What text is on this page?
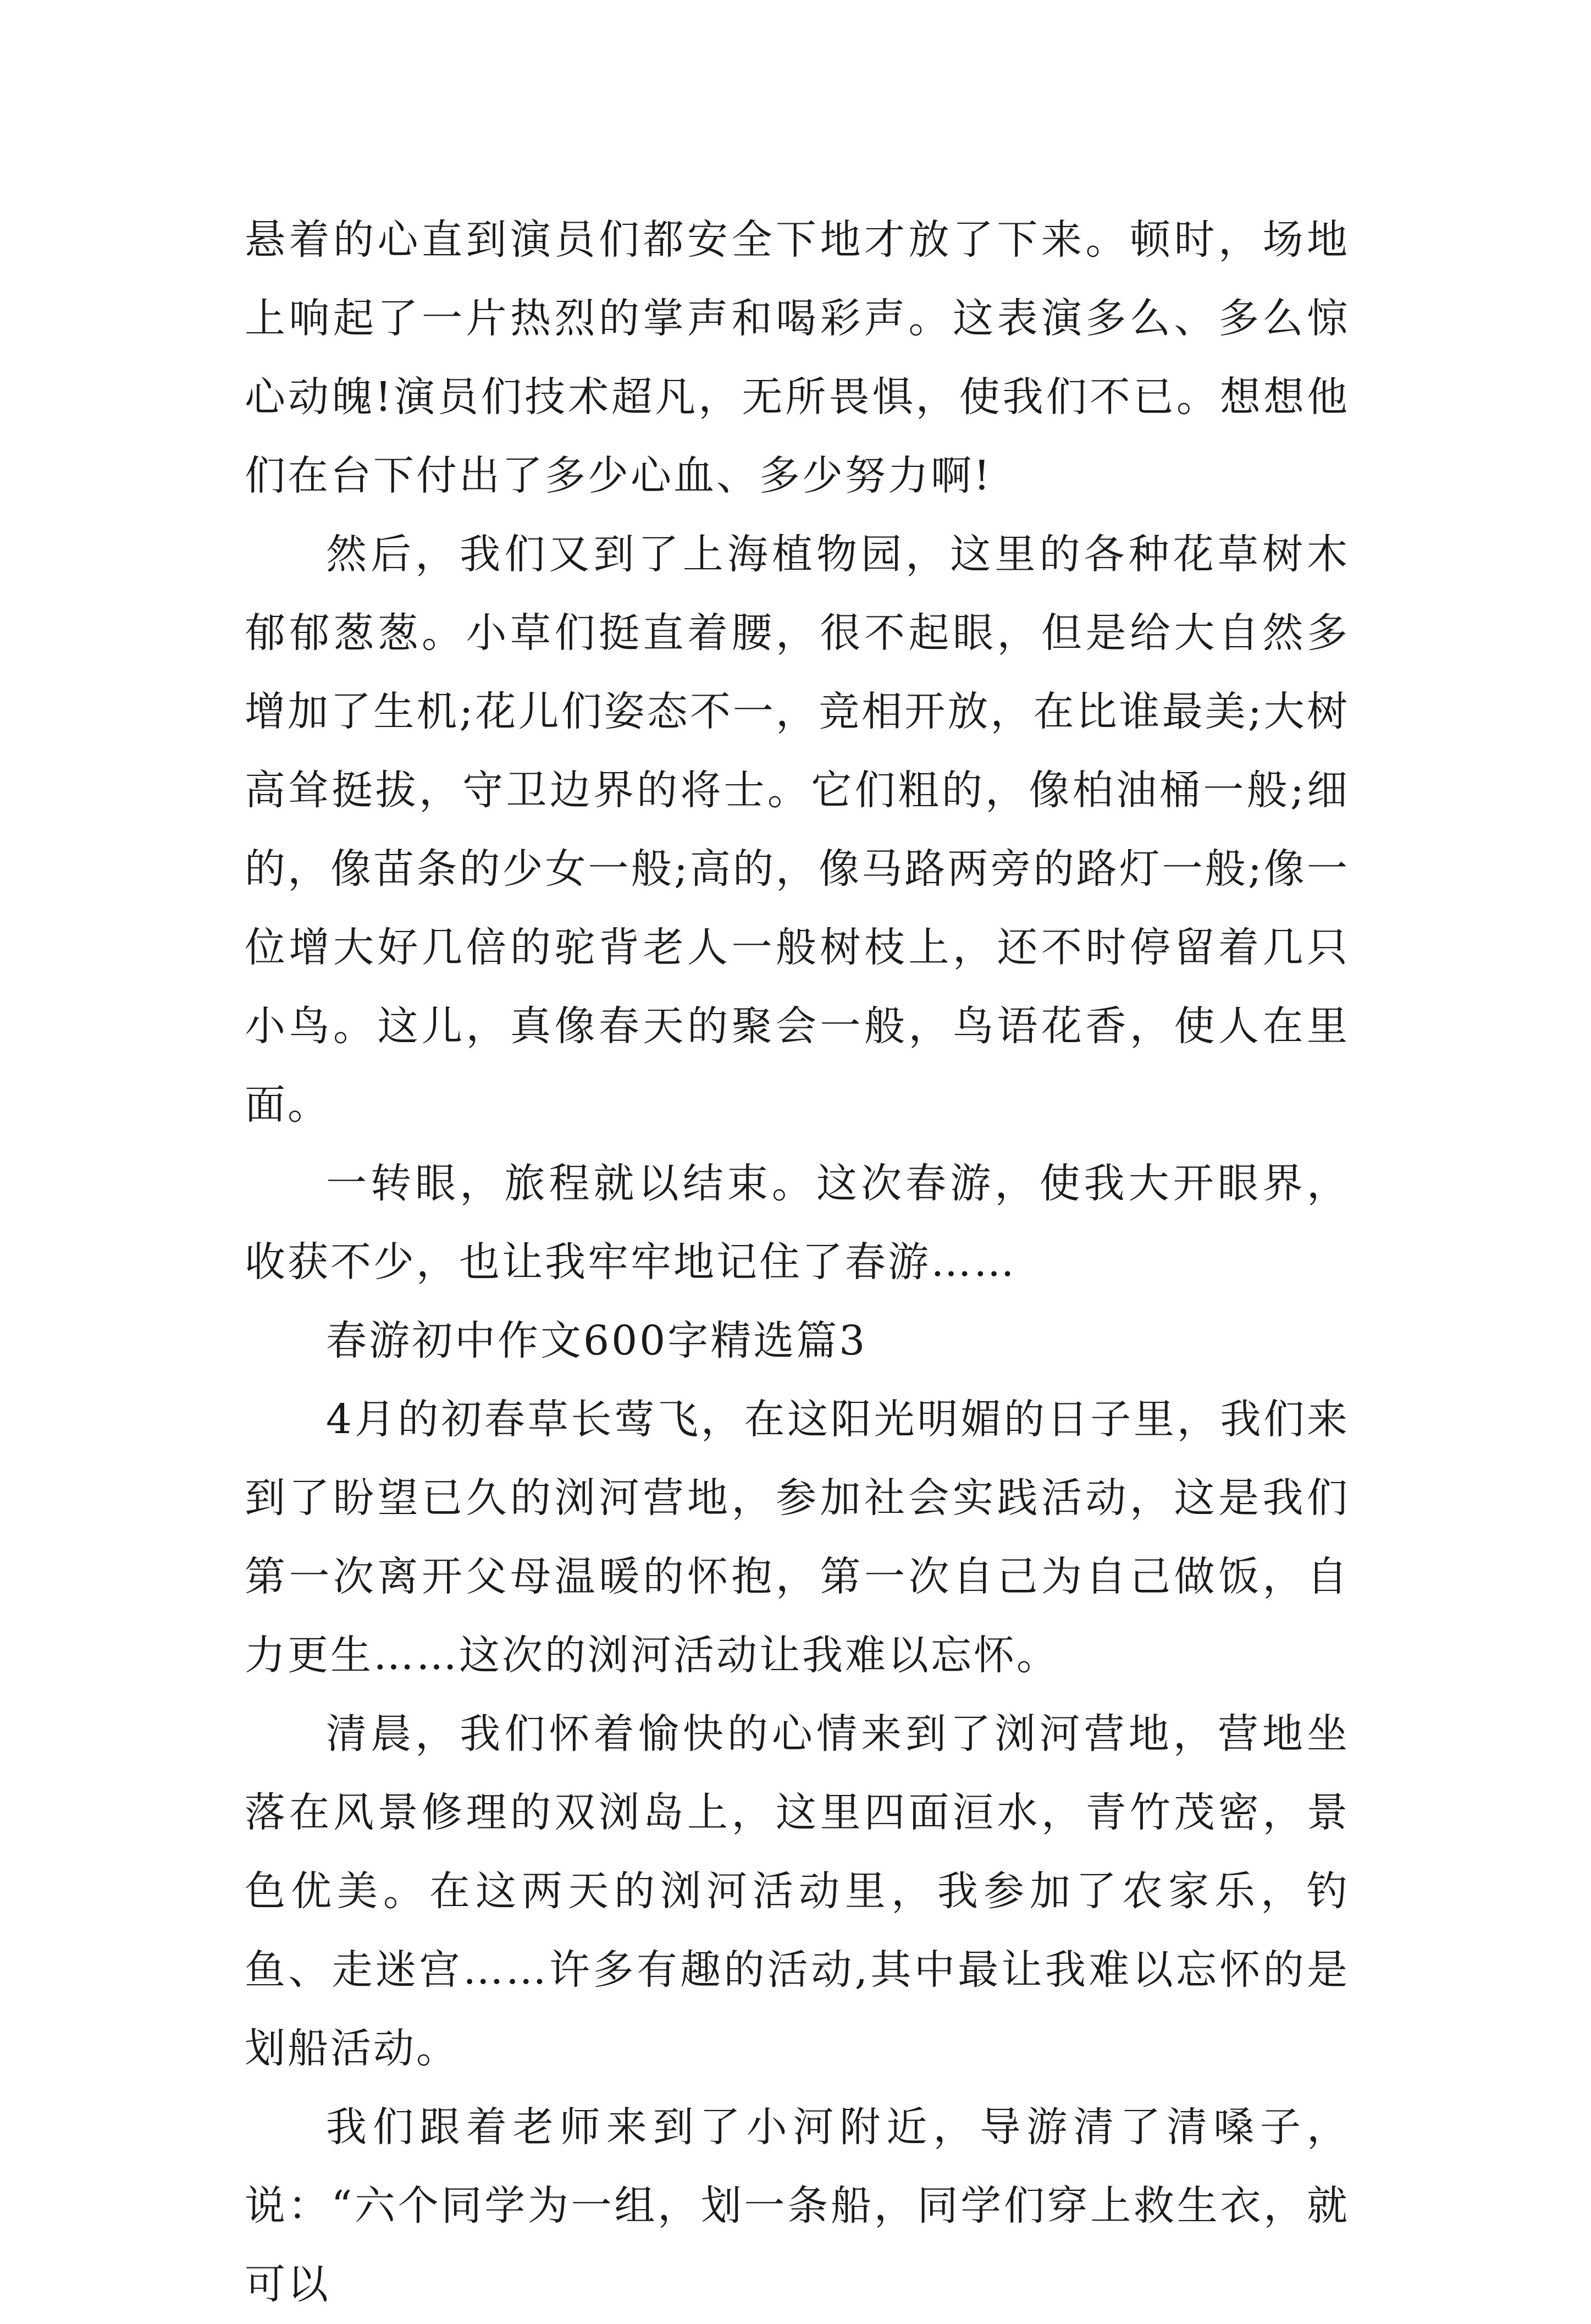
悬着的心直到演员们都安全下地才放了下来。顿时，场地上响起了一片热烈的掌声和喝彩声。这表演多么、多么惊心动魄!演员们技术超凡，无所畏惧，使我们不已。想想他们在台下付出了多少心血、多少努力啊!

然后，我们又到了上海植物园，这里的各种花草树木郁郁葱葱。小草们挺直着腰，很不起眼，但是给大自然多增加了生机;花儿们姿态不一，竞相开放，在比谁最美;大树高耸挺拔，守卫边界的将士。它们粗的，像柏油桶一般;细的，像苗条的少女一般;高的，像马路两旁的路灯一般;像一位增大好几倍的驼背老人一般树枝上，还不时停留着几只小鸟。这儿，真像春天的聚会一般，鸟语花香，使人在里面。

一转眼，旅程就以结束。这次春游，使我大开眼界，收获不少，也让我牢牢地记住了春游……

春游初中作文600字精选篇3

4月的初春草长莺飞，在这阳光明媚的日子里，我们来到了盼望已久的浏河营地，参加社会实践活动，这是我们第一次离开父母温暖的怀抱，第一次自己为自己做饭，自力更生……这次的浏河活动让我难以忘怀。

清晨，我们怀着愉快的心情来到了浏河营地，营地坐落在风景修理的双浏岛上，这里四面洹水，青竹茂密，景色优美。在这两天的浏河活动里，我参加了农家乐，钓鱼、走迷宫……许多有趣的活动,其中最让我难以忘怀的是划船活动。

我们跟着老师来到了小河附近，导游清了清嗓子，说：“六个同学为一组，划一条船，同学们穿上救生衣，就可以
